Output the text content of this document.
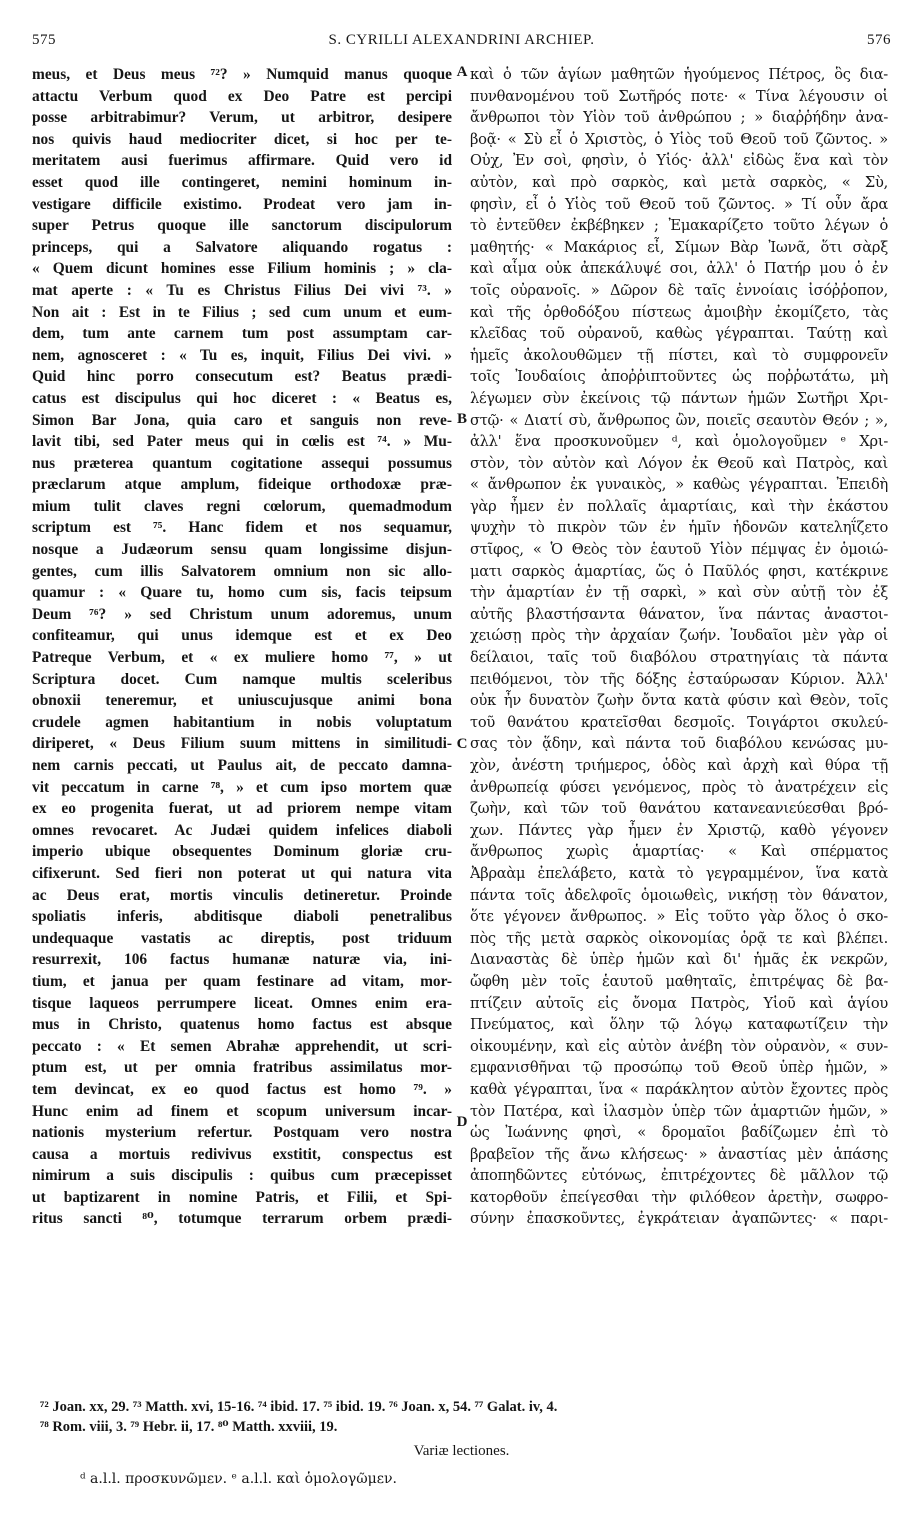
575	S. CYRILLI ALEXANDRINI ARCHIEP.	576
meus, et Deus meus ⁷²? » Numquid manus quoque
attactu Verbum quod ex Deo Patre est percipi
posse arbitrabimur? Verum, ut arbitror, desipere
nos quivis haud mediocriter dicet, si hoc per te-
meritatem ausi fuerimus affirmare. Quid vero id
esset quod ille contingeret, nemini hominum in-
vestigare difficile existimo. Prodeat vero jam in-
super Petrus quoque ille sanctorum discipulorum
princeps, qui a Salvatore aliquando rogatus :
« Quem dicunt homines esse Filium hominis ; » cla-
mat aperte : « Tu es Christus Filius Dei vivi ⁷³. »
Non ait : Est in te Filius ; sed cum unum et eum-
dem, tum ante carnem tum post assumptam car-
nem, agnosceret : « Tu es, inquit, Filius Dei vivi. »
Quid hinc porro consecutum est? Beatus prædi-
catus est discipulus qui hoc diceret : « Beatus es,
Simon Bar Jona, quia caro et sanguis non reve-
lavit tibi, sed Pater meus qui in cœlis est ⁷⁴. » Mu-
nus præterea quantum cogitatione assequi possumus
præclarum atque amplum, fideique orthodoxæ præ-
mium tulit claves regni cœlorum, quemadmodum
scriptum est ⁷⁵. Hanc fidem et nos sequamur,
nosque a Judæorum sensu quam longissime disjun-
gentes, cum illis Salvatorem omnium non sic allo-
quamur : « Quare tu, homo cum sis, facis teipsum
Deum ⁷⁶? » sed Christum unum adoremus, unum
confiteamur, qui unus idemque est et ex Deo
Patreque Verbum, et « ex muliere homo ⁷⁷, » ut
Scriptura docet. Cum namque multis sceleribus
obnoxii teneremur, et uniuscujusque animi bona
crudele agmen habitantium in nobis voluptatum
diriperet, « Deus Filium suum mittens in similitudi-
nem carnis peccati, ut Paulus ait, de peccato damna-
vit peccatum in carne ⁷⁸, » et cum ipso mortem quæ
ex eo progenita fuerat, ut ad priorem nempe vitam
omnes revocaret. Ac Judæi quidem infelices diaboli
imperio ubique obsequentes Dominum gloriæ cru-
cifixerunt. Sed fieri non poterat ut qui natura vita
ac Deus erat, mortis vinculis detineretur. Proinde
spoliatis inferis, abditisque diaboli penetralibus
undequaque vastatis ac direptis, post triduum
resurrexit, 106 factus humanæ naturæ via, ini-
tium, et janua per quam festinare ad vitam, mor-
tisque laqueos perrumpere liceat. Omnes enim era-
mus in Christo, quatenus homo factus est absque
peccato : « Et semen Abrahæ apprehendit, ut scri-
ptum est, ut per omnia fratribus assimilatus mor-
tem devincat, ex eo quod factus est homo ⁷⁹. »
Hunc enim ad finem et scopum universum incar-
nationis mysterium refertur. Postquam vero nostra
causa a mortuis redivivus exstitit, conspectus est
nimirum a suis discipulis : quibus cum præcepisset
ut baptizarent in nomine Patris, et Filii, et Spi-
ritus sancti ⁸⁰, totumque terrarum orbem prædi-
καὶ ὁ τῶν ἁγίων μαθητῶν ἡγούμενος Πέτρος, ὃς δια-
πυνθανομένου τοῦ Σωτῆρός ποτε· « Τίνα λέγουσιν οἱ
ἄνθρωποι τὸν Υἱὸν τοῦ ἀνθρώπου ; » διαῤῥήδην ἀνα-
βοᾷ· « Σὺ εἶ ὁ Χριστὸς, ὁ Υἱὸς τοῦ Θεοῦ τοῦ ζῶντος. »
Οὐχ, Ἐν σοὶ, φησὶν, ὁ Υἱός· ἀλλ' εἰδὼς ἕνα καὶ τὸν
αὐτὸν, καὶ πρὸ σαρκὸς, καὶ μετὰ σαρκὸς, « Σὺ,
φησὶν, εἶ ὁ Υἱὸς τοῦ Θεοῦ τοῦ ζῶντος. » Τί οὖν ἄρα
τὸ ἐντεῦθεν ἐκβέβηκεν ; Ἐμακαρίζετο τοῦτο λέγων ὁ
μαθητής· « Μακάριος εἶ, Σίμων Βὰρ Ἰωνᾶ, ὅτι σὰρξ
καὶ αἷμα οὐκ ἀπεκάλυψέ σοι, ἀλλ' ὁ Πατήρ μου ὁ ἐν
τοῖς οὐρανοῖς. » Δῶρον δὲ ταῖς ἐννοίαις ἰσόῤῥοπον,
καὶ τῆς ὀρθοδόξου πίστεως ἀμοιβὴν ἐκομίζετο, τὰς
κλεῖδας τοῦ οὐρανοῦ, καθὼς γέγραπται. Ταύτῃ καὶ
ἡμεῖς ἀκολουθῶμεν τῇ πίστει, καὶ τὸ συμφρονεῖν
τοῖς Ἰουδαίοις ἀποῤῥιπτοῦντες ὡς ποῤῥωτάτω, μὴ
λέγωμεν σὺν ἐκείνοις τῷ πάντων ἡμῶν Σωτῆρι Χρι-
στῷ· « Διατί σὺ, ἄνθρωπος ὢν, ποιεῖς σεαυτὸν Θεόν ; »,
ἀλλ' ἕνα προσκυνοῦμεν ᵈ, καὶ ὁμολογοῦμεν ᵉ Χρι-
στὸν, τὸν αὐτὸν καὶ Λόγον ἐκ Θεοῦ καὶ Πατρὸς, καὶ
« ἄνθρωπον ἐκ γυναικὸς, » καθὼς γέγραπται. Ἐπειδὴ
γὰρ ἦμεν ἐν πολλαῖς ἁμαρτίαις, καὶ τὴν ἑκάστου
ψυχὴν τὸ πικρὸν τῶν ἐν ἡμῖν ἡδονῶν κατεληΐζετο
στῖφος, « Ὁ Θεὸς τὸν ἑαυτοῦ Υἱὸν πέμψας ἐν ὁμοιώ-
ματι σαρκὸς ἁμαρτίας, ὥς ὁ Παῦλός φησι, κατέκρινε
τὴν ἁμαρτίαν ἐν τῇ σαρκὶ, » καὶ σὺν αὐτῇ τὸν ἐξ
αὐτῆς βλαστήσαντα θάνατον, ἵνα πάντας ἀναστοι-
χειώσῃ πρὸς τὴν ἀρχαίαν ζωήν. Ἰουδαῖοι μὲν γὰρ οἱ
δείλαιοι, ταῖς τοῦ διαβόλου στρατηγίαις τὰ πάντα
πειθόμενοι, τὸν τῆς δόξης ἐσταύρωσαν Κύριον. Ἀλλ'
οὐκ ἦν δυνατὸν ζωὴν ὄντα κατὰ φύσιν καὶ Θεὸν, τοῖς
τοῦ θανάτου κρατεῖσθαι δεσμοῖς. Τοιγάρτοι σκυλεύ-
σας τὸν ᾅδην, καὶ πάντα τοῦ διαβόλου κενώσας μυ-
χὸν, ἀνέστη τριήμερος, ὁδὸς καὶ ἀρχὴ καὶ θύρα τῇ
ἀνθρωπείᾳ φύσει γενόμενος, πρὸς τὸ ἀνατρέχειν εἰς
ζωὴν, καὶ τῶν τοῦ θανάτου κατανεανιεύεσθαι βρό-
χων. Πάντες γὰρ ἦμεν ἐν Χριστῷ, καθὸ γέγονεν
ἄνθρωπος χωρὶς ἁμαρτίας· « Καὶ σπέρματος
Ἀβραὰμ ἐπελάβετο, κατὰ τὸ γεγραμμένον, ἵνα κατὰ
πάντα τοῖς ἀδελφοῖς ὁμοιωθεὶς, νικήσῃ τὸν θάνατον,
ὅτε γέγονεν ἄνθρωπος. » Εἰς τοῦτο γὰρ ὅλος ὁ σκο-
πὸς τῆς μετὰ σαρκὸς οἰκονομίας ὁρᾷ τε καὶ βλέπει.
Διαναστὰς δὲ ὑπὲρ ἡμῶν καὶ δι' ἡμᾶς ἐκ νεκρῶν,
ὤφθη μὲν τοῖς ἑαυτοῦ μαθηταῖς, ἐπιτρέψας δὲ βα-
πτίζειν αὐτοῖς εἰς ὄνομα Πατρὸς, Υἱοῦ καὶ ἁγίου
Πνεύματος, καὶ ὅλην τῷ λόγῳ καταφωτίζειν τὴν
οἰκουμένην, καὶ εἰς αὐτὸν ἀνέβη τὸν οὐρανὸν, « συν-
εμφανισθῆναι τῷ προσώπῳ τοῦ Θεοῦ ὑπὲρ ἡμῶν, »
καθὰ γέγραπται, ἵνα « παράκλητον αὐτὸν ἔχοντες πρὸς
τὸν Πατέρα, καὶ ἱλασμὸν ὑπὲρ τῶν ἁμαρτιῶν ἡμῶν, »
ὡς Ἰωάννης φησὶ, « δρομαῖοι βαδίζωμεν ἐπὶ τὸ
βραβεῖον τῆς ἄνω κλήσεως· » ἀναστίας μὲν ἁπάσης
ἀποπηδῶντες εὐτόνως, ἐπιτρέχοντες δὲ μᾶλλον τῷ
κατορθοῦν ἐπείγεσθαι τὴν φιλόθεον ἀρετὴν, σωφρο-
σύνην ἐπασκοῦντες, ἐγκράτειαν ἀγαπῶντες· « παρι-
A
B
C
D
⁷² Joan. xx, 29. ⁷³ Matth. xvi, 15-16. ⁷⁴ ibid. 17. ⁷⁵ ibid. 19. ⁷⁶ Joan. x, 54. ⁷⁷ Galat. iv, 4.
⁷⁸ Rom. viii, 3. ⁷⁹ Hebr. ii, 17. ⁸⁰ Matth. xxviii, 19.
Variæ lectiones.
ᵈ a.l.l. προσκυνῶμεν. ᵉ a.l.l. καὶ ὁμολογῶμεν.
